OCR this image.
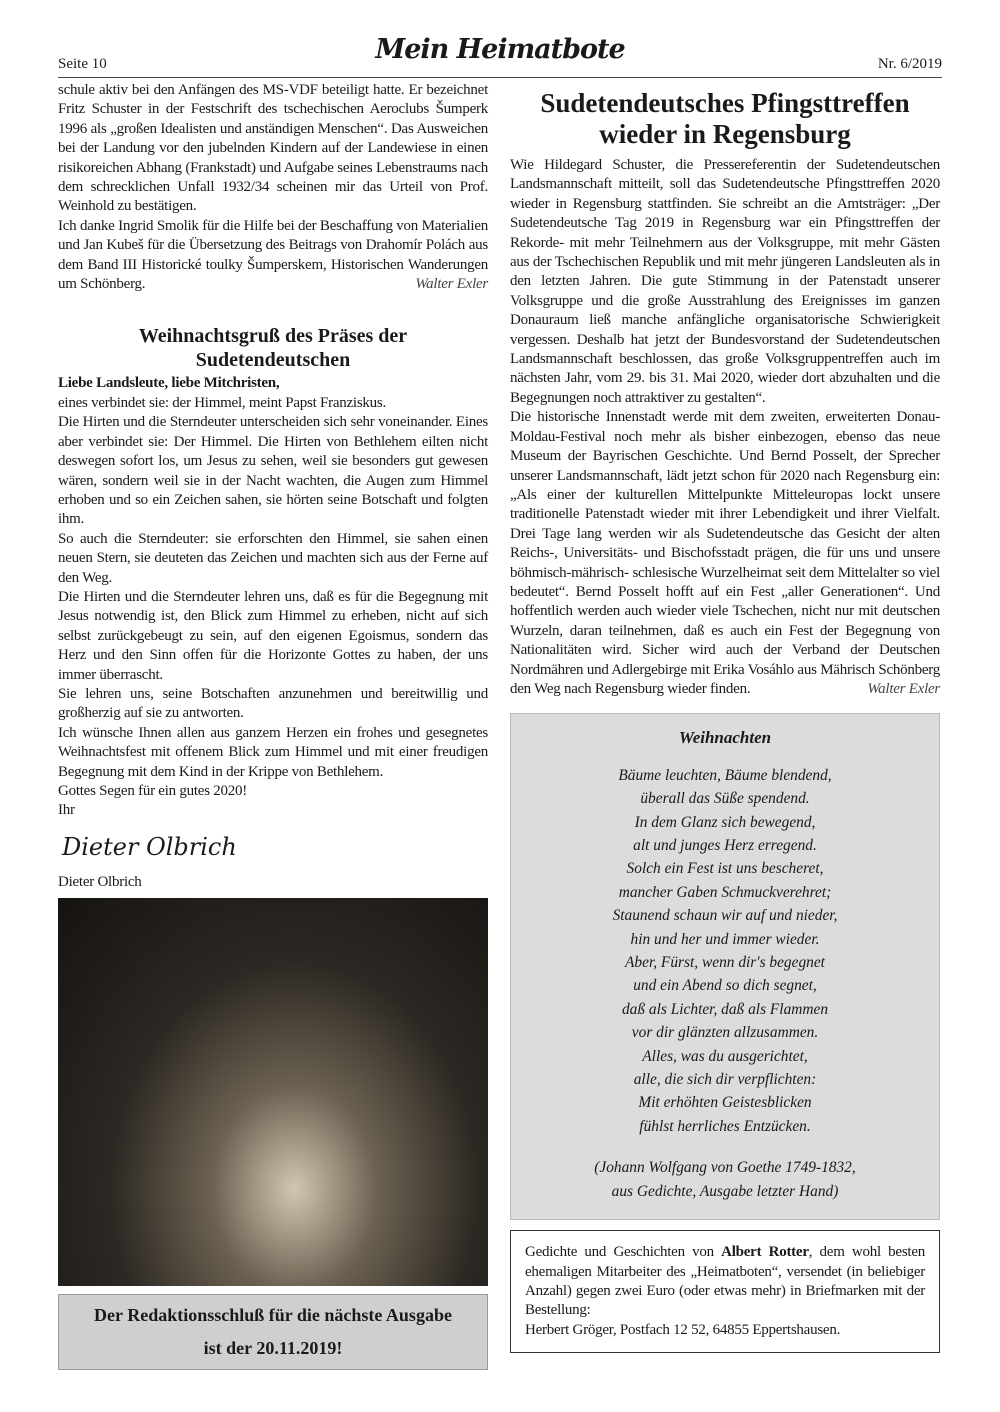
Seite 10	Mein Heimatbote	Nr. 6/2019

schule aktiv bei den Anfängen des MS-VDF beteiligt hatte. Er bezeichnet Fritz Schuster in der Festschrift des tschechischen Aeroclubs Šumperk 1996 als „großen Idealisten und anständigen Menschen“. Das Ausweichen bei der Landung vor den jubelnden Kindern auf der Landewiese in einen risikoreichen Abhang (Frankstadt) und Aufgabe seines Lebenstraums nach dem schrecklichen Unfall 1932/34 scheinen mir das Urteil von Prof. Weinhold zu bestätigen.

Ich danke Ingrid Smolik für die Hilfe bei der Beschaffung von Materialien und Jan Kubeš für die Übersetzung des Beitrags von Drahomír Polách aus dem Band III Historické toulky Šumperskem, Historischen Wanderungen um Schönberg.	Walter Exler

Weihnachtsgruß des Präses der Sudetendeutschen

Liebe Landsleute, liebe Mitchristen,

eines verbindet sie: der Himmel, meint Papst Franziskus.

Die Hirten und die Sterndeuter unterscheiden sich sehr voneinander. Eines aber verbindet sie: Der Himmel. Die Hirten von Bethlehem eilten nicht deswegen sofort los, um Jesus zu sehen, weil sie besonders gut gewesen wären, sondern weil sie in der Nacht wachten, die Augen zum Himmel erhoben und so ein Zeichen sahen, sie hörten seine Botschaft und folgten ihm.

So auch die Sterndeuter: sie erforschten den Himmel, sie sahen einen neuen Stern, sie deuteten das Zeichen und machten sich aus der Ferne auf den Weg.

Die Hirten und die Sterndeuter lehren uns, daß es für die Begegnung mit Jesus notwendig ist, den Blick zum Himmel zu erheben, nicht auf sich selbst zurückgebeugt zu sein, auf den eigenen Egoismus, sondern das Herz und den Sinn offen für die Horizonte Gottes zu haben, der uns immer überrascht.

Sie lehren uns, seine Botschaften anzunehmen und bereitwillig und großherzig auf sie zu antworten.

Ich wünsche Ihnen allen aus ganzem Herzen ein frohes und gesegnetes Weihnachtsfest mit offenem Blick zum Himmel und mit einer freudigen Begegnung mit dem Kind in der Krippe von Bethlehem.

Gottes Segen für ein gutes 2020!

Ihr

Dieter Olbrich

Dieter Olbrich

Der Redaktionsschluß für die nächste Ausgabe
ist der 20.11.2019!
Sudetendeutsches Pfingsttreffen wieder in Regensburg

Wie Hildegard Schuster, die Pressereferentin der Sudetendeutschen Landsmannschaft mitteilt, soll das Sudetendeutsche Pfingsttreffen 2020 wieder in Regensburg stattfinden. Sie schreibt an die Amtsträger: „Der Sudetendeutsche Tag 2019 in Regensburg war ein Pfingsttreffen der Rekorde- mit mehr Teilnehmern aus der Volksgruppe, mit mehr Gästen aus der Tschechischen Republik und mit mehr jüngeren Landsleuten als in den letzten Jahren. Die gute Stimmung in der Patenstadt unserer Volksgruppe und die große Ausstrahlung des Ereignisses im ganzen Donauraum ließ manche anfängliche organisatorische Schwierigkeit vergessen. Deshalb hat jetzt der Bundesvorstand der Sudetendeutschen Landsmannschaft beschlossen, das große Volksgruppentreffen auch im nächsten Jahr, vom 29. bis 31. Mai 2020, wieder dort abzuhalten und die Begegnungen noch attraktiver zu gestalten“.

Die historische Innenstadt werde mit dem zweiten, erweiterten Donau-Moldau-Festival noch mehr als bisher einbezogen, ebenso das neue Museum der Bayrischen Geschichte. Und Bernd Posselt, der Sprecher unserer Landsmannschaft, lädt jetzt schon für 2020 nach Regensburg ein: „Als einer der kulturellen Mittelpunkte Mitteleuropas lockt unsere traditionelle Patenstadt wieder mit ihrer Lebendigkeit und ihrer Vielfalt. Drei Tage lang werden wir als Sudetendeutsche das Gesicht der alten Reichs-, Universitäts- und Bischofsstadt prägen, die für uns und unsere böhmisch-mährisch- schlesische Wurzelheimat seit dem Mittelalter so viel bedeutet“. Bernd Posselt hofft auf ein Fest „aller Generationen“. Und hoffentlich werden auch wieder viele Tschechen, nicht nur mit deutschen Wurzeln, daran teilnehmen, daß es auch ein Fest der Begegnung von Nationalitäten wird. Sicher wird auch der Verband der Deutschen Nordmähren und Adlergebirge mit Erika Vosáhlo aus Mährisch Schönberg den Weg nach Regensburg wieder finden.	Walter Exler

Weihnachten
Bäume leuchten, Bäume blendend,
überall das Süße spendend.
In dem Glanz sich bewegend,
alt und junges Herz erregend.
Solch ein Fest ist uns bescheret,
mancher Gaben Schmuckverehret;
Staunend schaun wir auf und nieder,
hin und her und immer wieder.
Aber, Fürst, wenn dir's begegnet
und ein Abend so dich segnet,
daß als Lichter, daß als Flammen
vor dir glänzten allzusammen.
Alles, was du ausgerichtet,
alle, die sich dir verpflichten:
Mit erhöhten Geistesblicken
fühlst herrliches Entzücken.
(Johann Wolfgang von Goethe 1749-1832,
aus Gedichte, Ausgabe letzter Hand)
Gedichte und Geschichten von Albert Rotter, dem wohl besten ehemaligen Mitarbeiter des „Heimatboten“, versendet (in beliebiger Anzahl) gegen zwei Euro (oder etwas mehr) in Briefmarken mit der Bestellung:
Herbert Gröger, Postfach 12 52, 64855 Eppertshausen.
